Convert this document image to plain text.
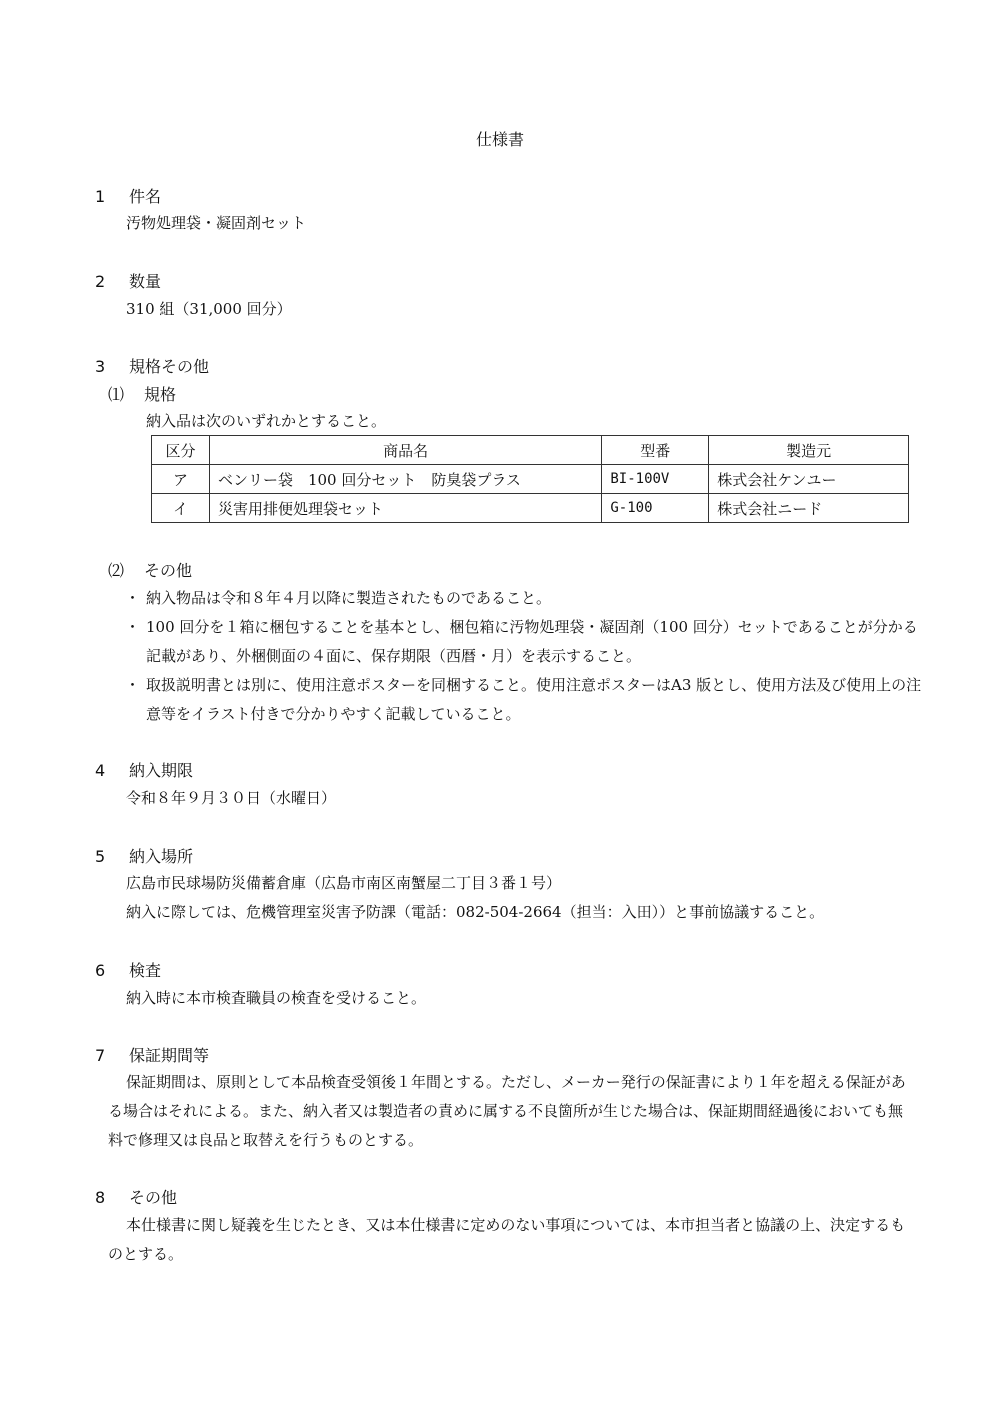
仕様書
1 件名
汚物処理袋・凝固剤セット
2 数量
310 組（31,000 回分）
3 規格その他
⑴ 規格
納入品は次のいずれかとすること。
区分	商品名	型番	製造元
ア	ベンリー袋　100 回分セット　防臭袋プラス	BI-100V	株式会社ケンユー
イ	災害用排便処理袋セット	G-100	株式会社ニード
⑵ その他
・ 納入物品は令和８年４月以降に製造されたものであること。
・ 100 回分を１箱に梱包することを基本とし、梱包箱に汚物処理袋・凝固剤（100 回分）セットであることが分かる記載があり、外梱側面の４面に、保存期限（西暦・月）を表示すること。
・ 取扱説明書とは別に、使用注意ポスターを同梱すること。使用注意ポスターはA3 版とし、使用方法及び使用上の注意等をイラスト付きで分かりやすく記載していること。
4 納入期限
令和８年９月３０日（水曜日）
5 納入場所
広島市民球場防災備蓄倉庫（広島市南区南蟹屋二丁目３番１号）
納入に際しては、危機管理室災害予防課（電話：082-504-2664（担当：入田））と事前協議すること。
6 検査
納入時に本市検査職員の検査を受けること。
7 保証期間等
保証期間は、原則として本品検査受領後１年間とする。ただし、メーカー発行の保証書により１年を超える保証がある場合はそれによる。また、納入者又は製造者の責めに属する不良箇所が生じた場合は、保証期間経過後においても無料で修理又は良品と取替えを行うものとする。
8 その他
本仕様書に関し疑義を生じたとき、又は本仕様書に定めのない事項については、本市担当者と協議の上、決定するものとする。
